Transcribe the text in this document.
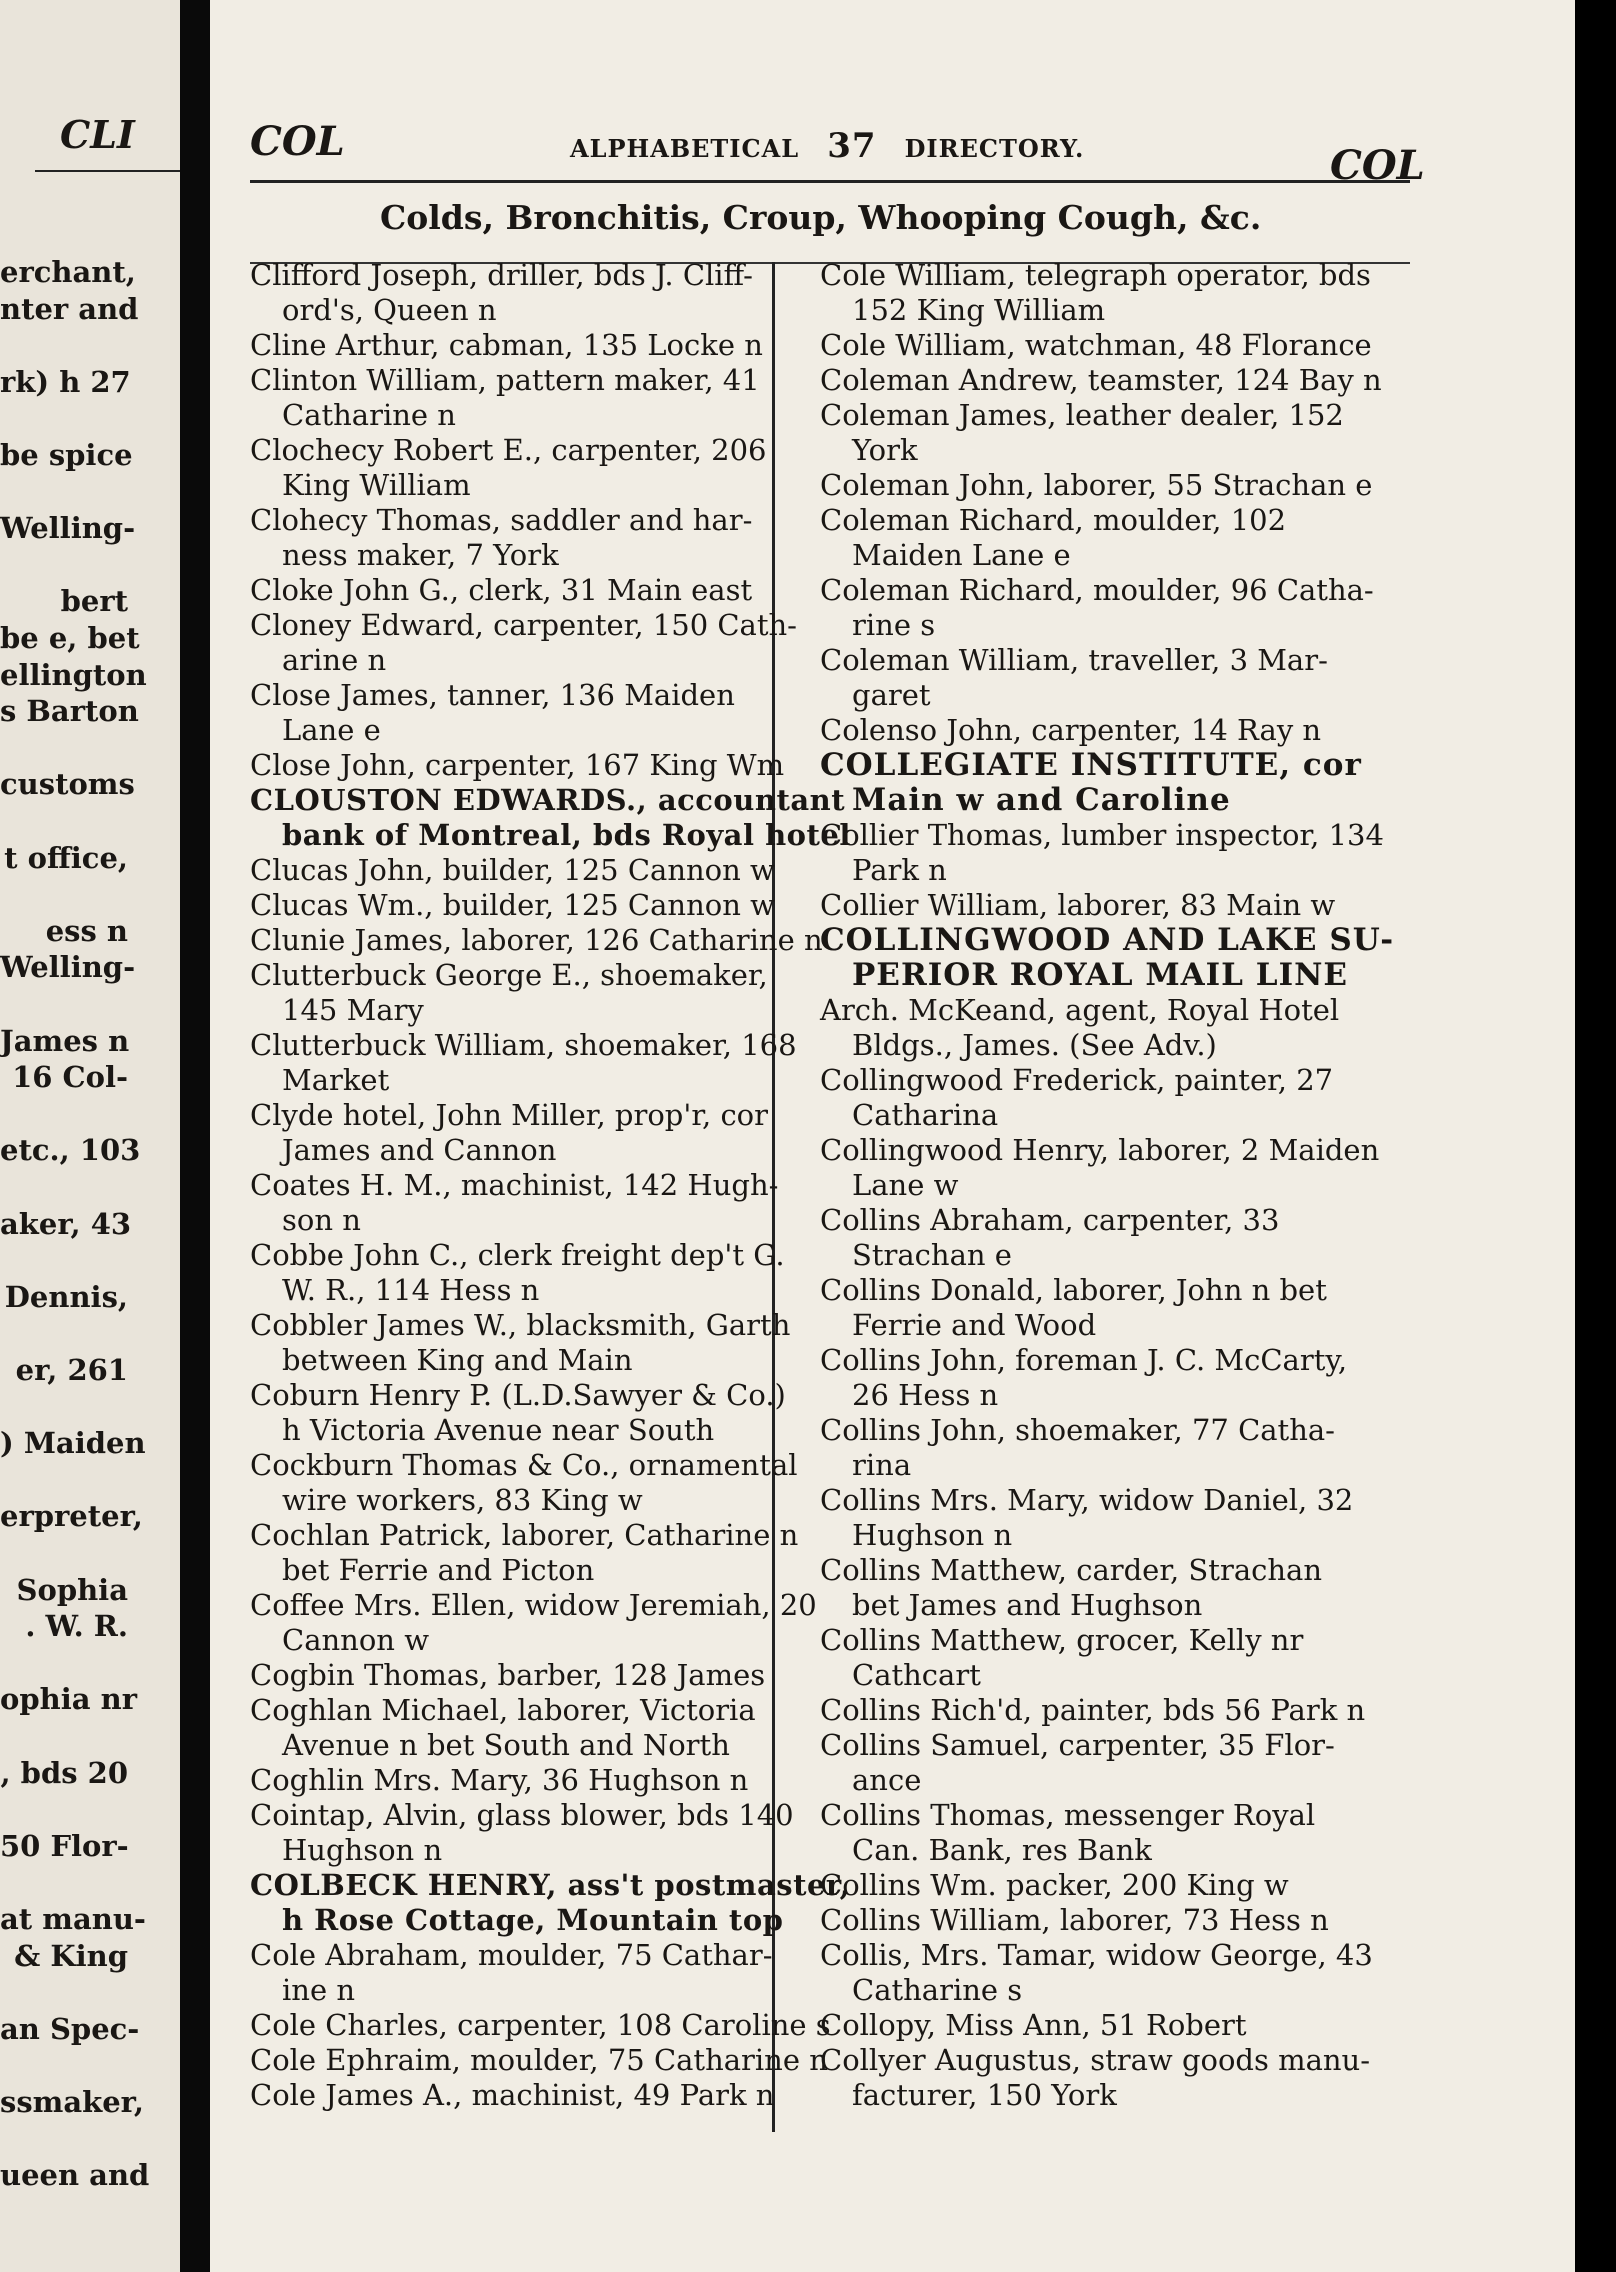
CLI
erchant,
nter and
rk) h 27
be spice
Welling-
bert
be e, bet
ellington
s Barton
customs
t office,
ess n
Welling-
James n
16 Col-
etc., 103
aker, 43
Dennis,
er, 261
) Maiden
erpreter,
Sophia
. W. R.
ophia nr
, bds 20
50 Flor-
at manu-
& King
an Spec-
ssmaker,
ueen and
COL	ALPHABETICAL 37 DIRECTORY.	COL
Colds, Bronchitis, Croup, Whooping Cough, &c.
Clifford Joseph, driller, bds J. Cliff-
ord's, Queen n
Cline Arthur, cabman, 135 Locke n
Clinton William, pattern maker, 41
Catharine n
Clochecy Robert E., carpenter, 206
King William
Clohecy Thomas, saddler and har-
ness maker, 7 York
Cloke John G., clerk, 31 Main east
Cloney Edward, carpenter, 150 Cath-
arine n
Close James, tanner, 136 Maiden
Lane e
Close John, carpenter, 167 King Wm
CLOUSTON EDWARDS., accountant
bank of Montreal, bds Royal hotel
Clucas John, builder, 125 Cannon w
Clucas Wm., builder, 125 Cannon w
Clunie James, laborer, 126 Catharine n
Clutterbuck George E., shoemaker,
145 Mary
Clutterbuck William, shoemaker, 168
Market
Clyde hotel, John Miller, prop'r, cor
James and Cannon
Coates H. M., machinist, 142 Hugh-
son n
Cobbe John C., clerk freight dep't G.
W. R., 114 Hess n
Cobbler James W., blacksmith, Garth
between King and Main
Coburn Henry P. (L.D.Sawyer & Co.)
h Victoria Avenue near South
Cockburn Thomas & Co., ornamental
wire workers, 83 King w
Cochlan Patrick, laborer, Catharine n
bet Ferrie and Picton
Coffee Mrs. Ellen, widow Jeremiah, 20
Cannon w
Cogbin Thomas, barber, 128 James
Coghlan Michael, laborer, Victoria
Avenue n bet South and North
Coghlin Mrs. Mary, 36 Hughson n
Cointap, Alvin, glass blower, bds 140
Hughson n
COLBECK HENRY, ass't postmaster,
h Rose Cottage, Mountain top
Cole Abraham, moulder, 75 Cathar-
ine n
Cole Charles, carpenter, 108 Caroline s
Cole Ephraim, moulder, 75 Catharine n
Cole James A., machinist, 49 Park n
Cole William, telegraph operator, bds
152 King William
Cole William, watchman, 48 Florance
Coleman Andrew, teamster, 124 Bay n
Coleman James, leather dealer, 152
York
Coleman John, laborer, 55 Strachan e
Coleman Richard, moulder, 102
Maiden Lane e
Coleman Richard, moulder, 96 Catha-
rine s
Coleman William, traveller, 3 Mar-
garet
Colenso John, carpenter, 14 Ray n
COLLEGIATE INSTITUTE, cor
Main w and Caroline
Collier Thomas, lumber inspector, 134
Park n
Collier William, laborer, 83 Main w
COLLINGWOOD AND LAKE SU-
PERIOR ROYAL MAIL LINE
Arch. McKeand, agent, Royal Hotel
Bldgs., James. (See Adv.)
Collingwood Frederick, painter, 27
Catharina
Collingwood Henry, laborer, 2 Maiden
Lane w
Collins Abraham, carpenter, 33
Strachan e
Collins Donald, laborer, John n bet
Ferrie and Wood
Collins John, foreman J. C. McCarty,
26 Hess n
Collins John, shoemaker, 77 Catha-
rina
Collins Mrs. Mary, widow Daniel, 32
Hughson n
Collins Matthew, carder, Strachan
bet James and Hughson
Collins Matthew, grocer, Kelly nr
Cathcart
Collins Rich'd, painter, bds 56 Park n
Collins Samuel, carpenter, 35 Flor-
ance
Collins Thomas, messenger Royal
Can. Bank, res Bank
Collins Wm. packer, 200 King w
Collins William, laborer, 73 Hess n
Collis, Mrs. Tamar, widow George, 43
Catharine s
Collopy, Miss Ann, 51 Robert
Collyer Augustus, straw goods manu-
facturer, 150 York
